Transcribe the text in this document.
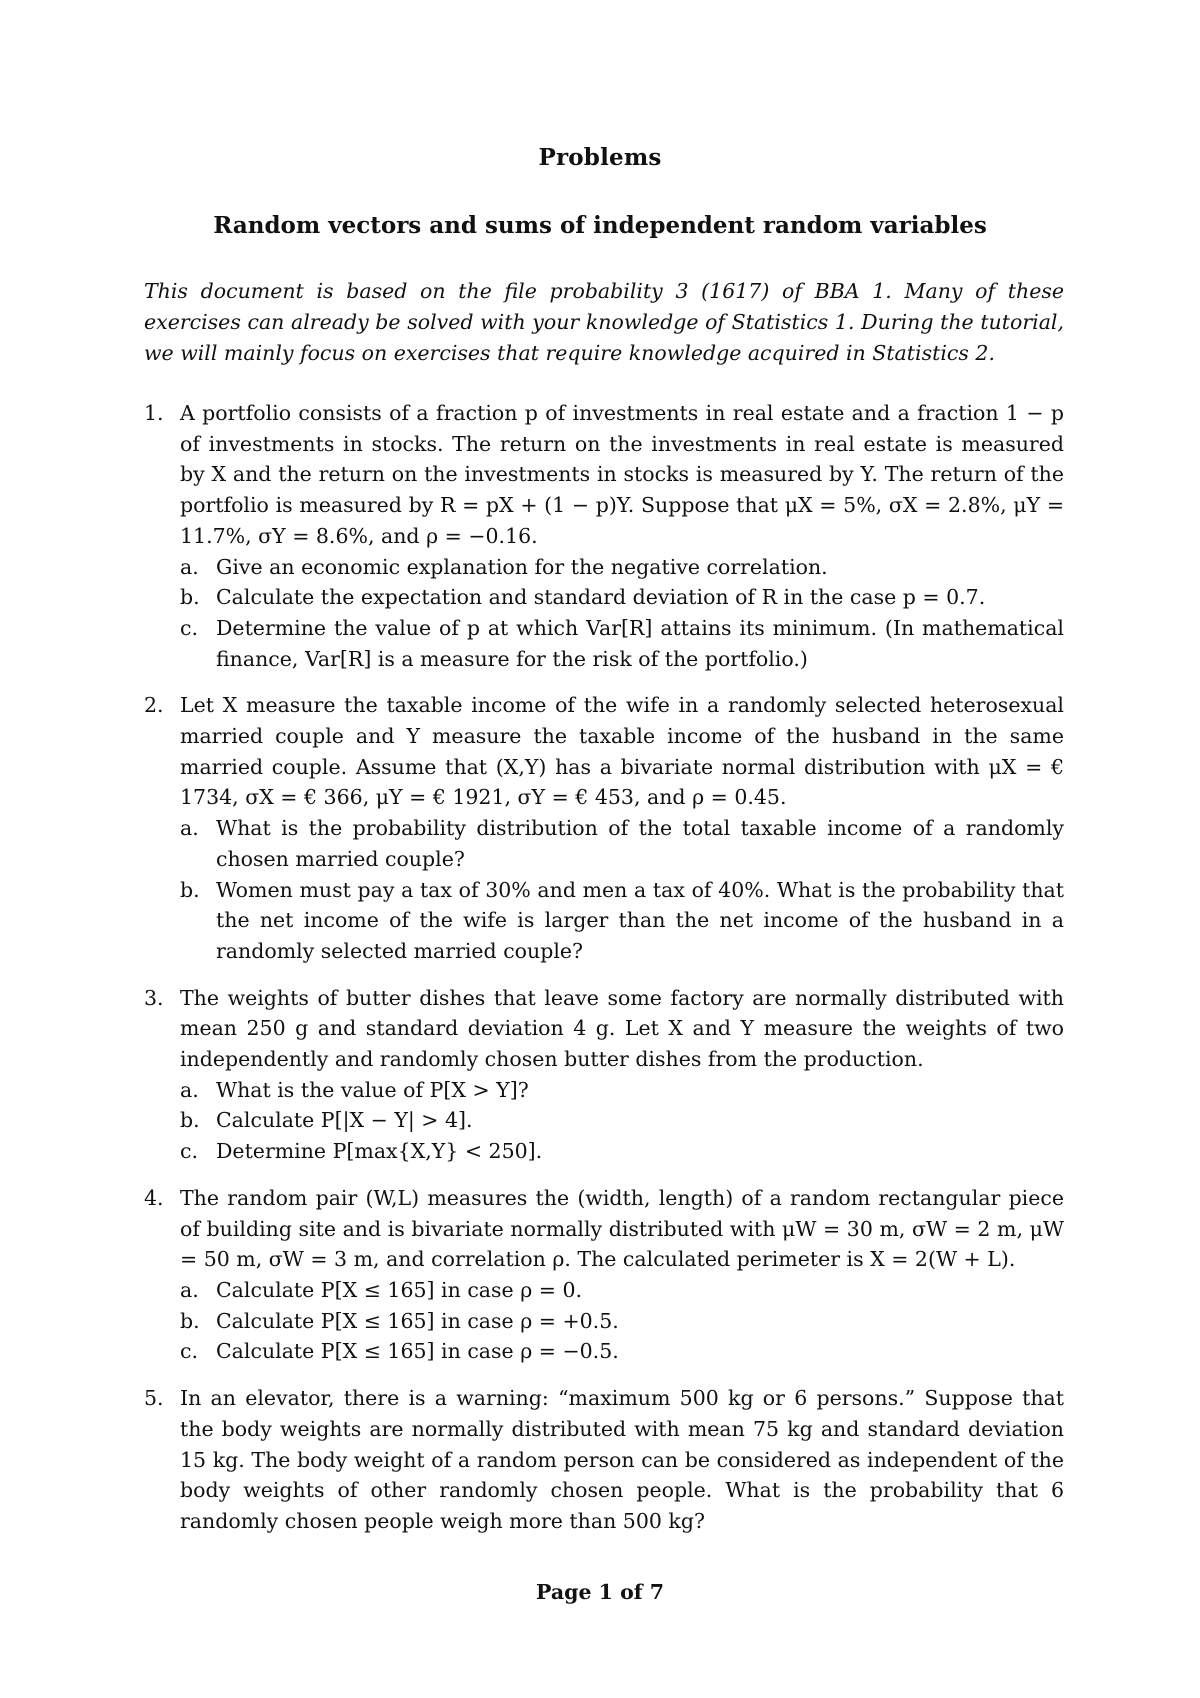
Problems
Random vectors and sums of independent random variables
This document is based on the file probability 3 (1617) of BBA 1. Many of these exercises can already be solved with your knowledge of Statistics 1. During the tutorial, we will mainly focus on exercises that require knowledge acquired in Statistics 2.
1. A portfolio consists of a fraction p of investments in real estate and a fraction 1 − p of investments in stocks. The return on the investments in real estate is measured by X and the return on the investments in stocks is measured by Y. The return of the portfolio is measured by R = pX + (1 − p)Y. Suppose that μX = 5%, σX = 2.8%, μY = 11.7%, σY = 8.6%, and ρ = −0.16.
a. Give an economic explanation for the negative correlation.
b. Calculate the expectation and standard deviation of R in the case p = 0.7.
c. Determine the value of p at which Var[R] attains its minimum. (In mathematical finance, Var[R] is a measure for the risk of the portfolio.)
2. Let X measure the taxable income of the wife in a randomly selected heterosexual married couple and Y measure the taxable income of the husband in the same married couple. Assume that (X,Y) has a bivariate normal distribution with μX = € 1734, σX = € 366, μY = € 1921, σY = € 453, and ρ = 0.45.
a. What is the probability distribution of the total taxable income of a randomly chosen married couple?
b. Women must pay a tax of 30% and men a tax of 40%. What is the probability that the net income of the wife is larger than the net income of the husband in a randomly selected married couple?
3. The weights of butter dishes that leave some factory are normally distributed with mean 250 g and standard deviation 4 g. Let X and Y measure the weights of two independently and randomly chosen butter dishes from the production.
a. What is the value of P[X > Y]?
b. Calculate P[|X − Y| > 4].
c. Determine P[max{X,Y} < 250].
4. The random pair (W,L) measures the (width, length) of a random rectangular piece of building site and is bivariate normally distributed with μW = 30 m, σW = 2 m, μW = 50 m, σW = 3 m, and correlation ρ. The calculated perimeter is X = 2(W + L).
a. Calculate P[X ≤ 165] in case ρ = 0.
b. Calculate P[X ≤ 165] in case ρ = +0.5.
c. Calculate P[X ≤ 165] in case ρ = −0.5.
5. In an elevator, there is a warning: “maximum 500 kg or 6 persons.” Suppose that the body weights are normally distributed with mean 75 kg and standard deviation 15 kg. The body weight of a random person can be considered as independent of the body weights of other randomly chosen people. What is the probability that 6 randomly chosen people weigh more than 500 kg?
Page 1 of 7
